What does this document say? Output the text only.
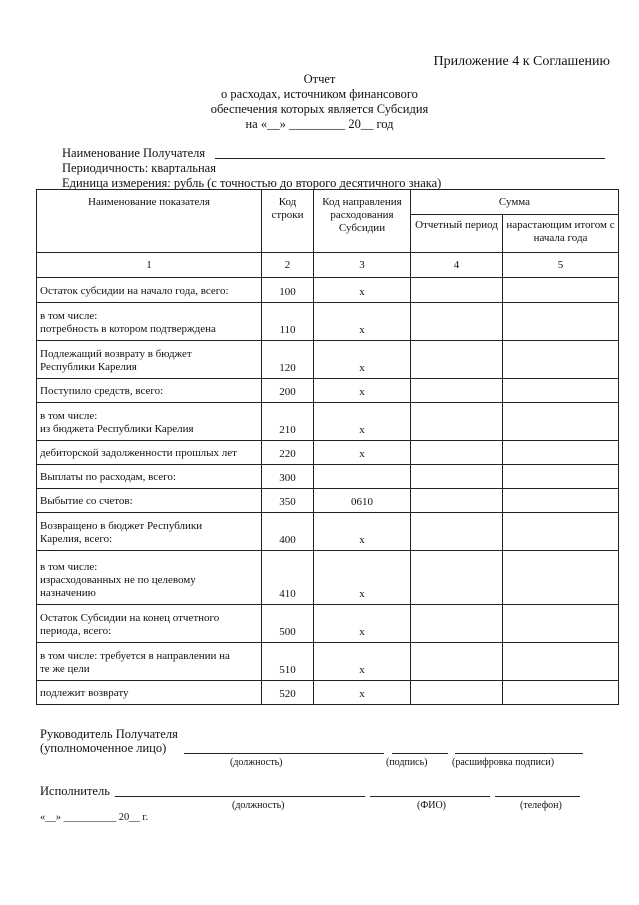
Приложение 4 к Соглашению
Отчет
о расходах, источником финансового
обеспечения которых является Субсидия
на «__» _________ 20__ год
Наименование Получателя
Периодичность: квартальная
Единица измерения: рубль (с точностью до второго десятичного знака)
Наименование показателя	Код строки	Код направления расходования Субсидии	Сумма	
			Отчетный период	нарастающим итогом с начала года
1	2	3	4	5
Остаток субсидии на начало года, всего:	100	x		
в том числе:
потребность в котором подтверждена	110	x		
Подлежащий возврату в бюджет
Республики Карелия	120	x		
Поступило средств, всего:	200	x		
в том числе:
из бюджета Республики Карелия	210	x		
дебиторской задолженности прошлых лет	220	x		
Выплаты по расходам, всего:	300			
Выбытие со счетов:	350	0610		
Возвращено в бюджет Республики
Карелия, всего:	400	x		
в том числе:
израсходованных не по целевому
назначению	410	x		
Остаток Субсидии на конец отчетного
периода, всего:	500	x		
в том числе: требуется в направлении на
те же цели	510	x		
подлежит возврату	520	x		
Руководитель Получателя
(уполномоченное лицо)
(должность)	(подпись) (расшифровка подписи)
Исполнитель
(должность)	(ФИО)	(телефон)
«__» __________ 20__ г.
